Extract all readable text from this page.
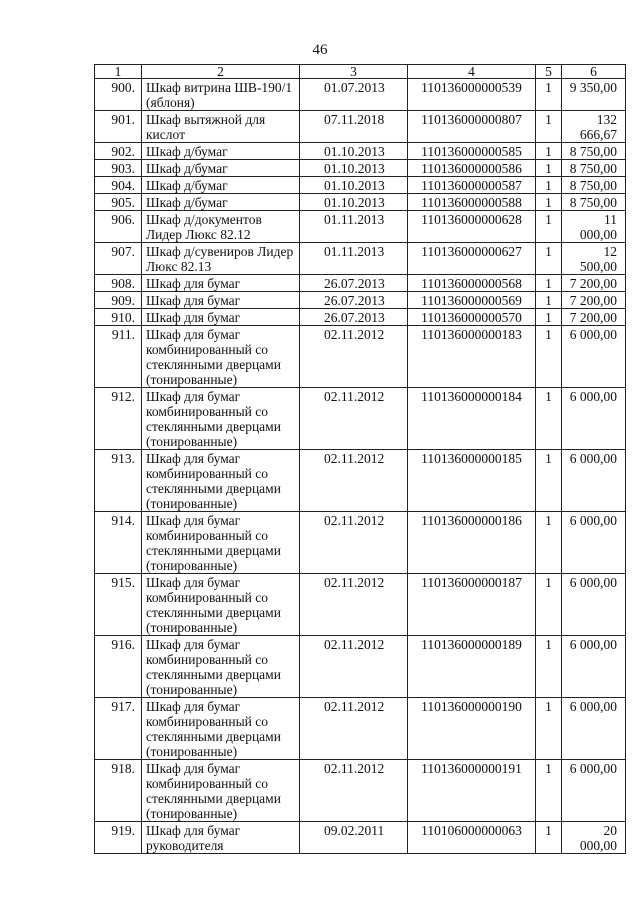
46
1	2	3	4	5	6
900.	Шкаф витрина ШВ-190/1 (яблоня)	01.07.2013	110136000000539	1	9 350,00
901.	Шкаф вытяжной для кислот	07.11.2018	110136000000807	1	132 666,67
902.	Шкаф д/бумаг	01.10.2013	110136000000585	1	8 750,00
903.	Шкаф д/бумаг	01.10.2013	110136000000586	1	8 750,00
904.	Шкаф д/бумаг	01.10.2013	110136000000587	1	8 750,00
905.	Шкаф д/бумаг	01.10.2013	110136000000588	1	8 750,00
906.	Шкаф д/документов Лидер Люкс 82.12	01.11.2013	110136000000628	1	11 000,00
907.	Шкаф д/сувениров Лидер Люкс 82.13	01.11.2013	110136000000627	1	12 500,00
908.	Шкаф для бумаг	26.07.2013	110136000000568	1	7 200,00
909.	Шкаф для бумаг	26.07.2013	110136000000569	1	7 200,00
910.	Шкаф для бумаг	26.07.2013	110136000000570	1	7 200,00
911.	Шкаф для бумаг комбинированный со стеклянными дверцами (тонированные)	02.11.2012	110136000000183	1	6 000,00
912.	Шкаф для бумаг комбинированный со стеклянными дверцами (тонированные)	02.11.2012	110136000000184	1	6 000,00
913.	Шкаф для бумаг комбинированный со стеклянными дверцами (тонированные)	02.11.2012	110136000000185	1	6 000,00
914.	Шкаф для бумаг комбинированный со стеклянными дверцами (тонированные)	02.11.2012	110136000000186	1	6 000,00
915.	Шкаф для бумаг комбинированный со стеклянными дверцами (тонированные)	02.11.2012	110136000000187	1	6 000,00
916.	Шкаф для бумаг комбинированный со стеклянными дверцами (тонированные)	02.11.2012	110136000000189	1	6 000,00
917.	Шкаф для бумаг комбинированный со стеклянными дверцами (тонированные)	02.11.2012	110136000000190	1	6 000,00
918.	Шкаф для бумаг комбинированный со стеклянными дверцами (тонированные)	02.11.2012	110136000000191	1	6 000,00
919.	Шкаф для бумаг руководителя	09.02.2011	110106000000063	1	20 000,00
